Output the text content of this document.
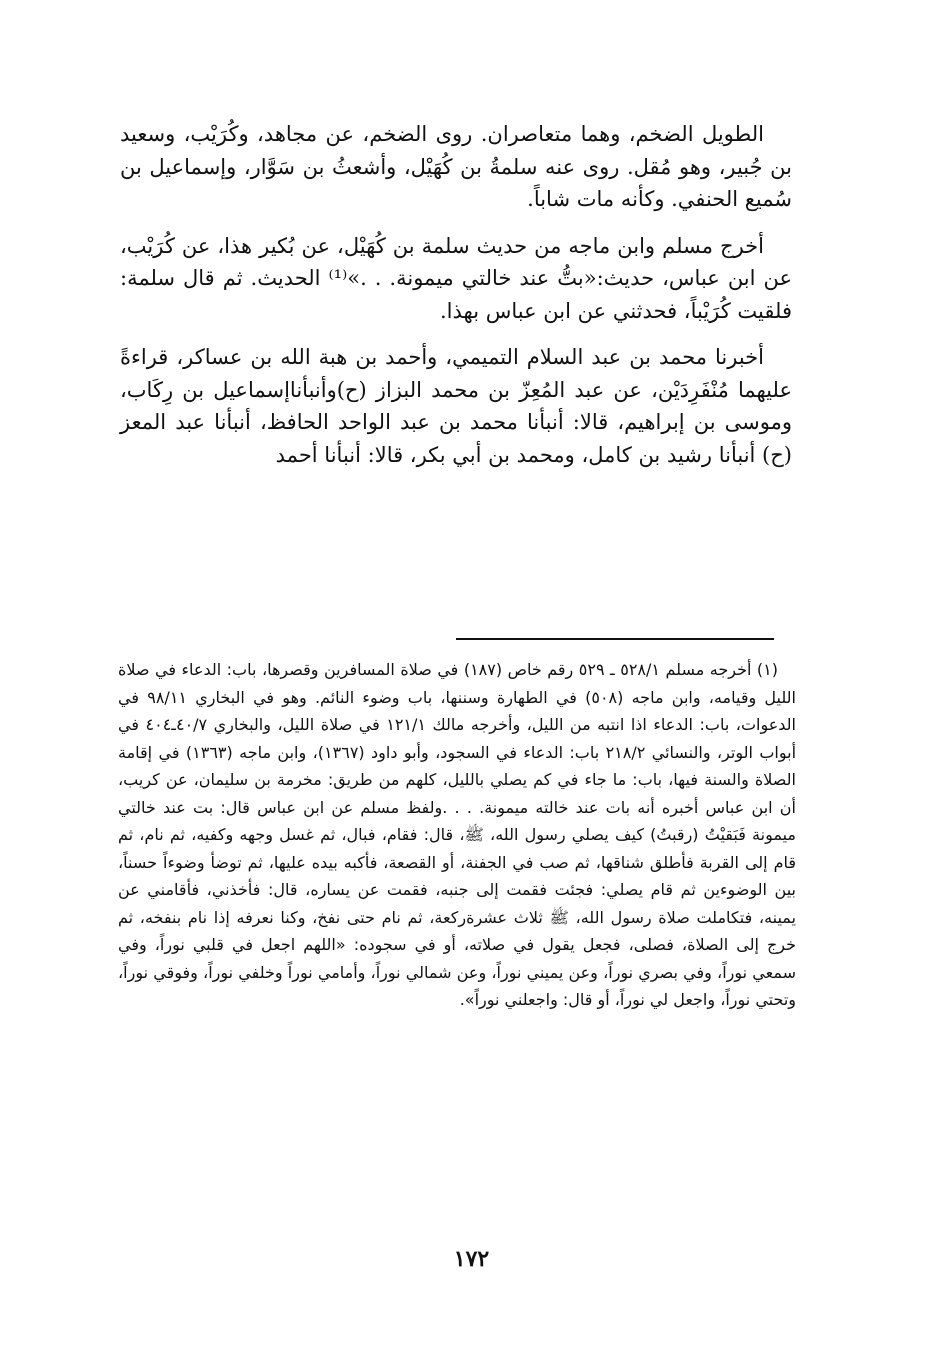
الطويل الضخم، وهما متعاصران. روى الضخم، عن مجاهد، وكُرَيْب، وسعيد بن جُبير، وهو مُقل. روى عنه سلمةُ بن كُهَيْل، وأشعثُ بن سَوَّار، وإسماعيل بن سُميع الحنفي. وكأنه مات شاباً.

أخرج مسلم وابن ماجه من حديث سلمة بن كُهَيْل، عن بُكير هذا، عن كُرَيْب، عن ابن عباس، حديث:«بتُّ عند خالتي ميمونة. . .»⁽¹⁾ الحديث. ثم قال سلمة: فلقيت كُرَيْباً، فحدثني عن ابن عباس بهذا.

أخبرنا محمد بن عبد السلام التميمي، وأحمد بن هبة الله بن عساكر، قراءةً عليهما مُنْفَرِدَيْن، عن عبد المُعِزّ بن محمد البزاز (ح)وأنبأناإسماعيل بن رِكَاب، وموسى بن إبراهيم، قالا: أنبأنا محمد بن عبد الواحد الحافظ، أنبأنا عبد المعز (ح) أنبأنا رشيد بن كامل، ومحمد بن أبي بكر، قالا: أنبأنا أحمد

(١) أخرجه مسلم ٥٢٨/١ ـ ٥٢٩ رقم خاص (١٨٧) في صلاة المسافرين وقصرها، باب: الدعاء في صلاة الليل وقيامه، وابن ماجه (٥٠٨) في الطهارة وسننها، باب وضوء النائم. وهو في البخاري ٩٨/١١ في الدعوات، باب: الدعاء اذا انتبه من الليل، وأخرجه مالك ١٢١/١ في صلاة الليل، والبخاري ٤٠/٧ـ٤٠٤ في أبواب الوتر، والنسائي ٢١٨/٢ باب: الدعاء في السجود، وأبو داود (١٣٦٧)، وابن ماجه (١٣٦٣) في إقامة الصلاة والسنة فيها، باب: ما جاء في كم يصلي بالليل، كلهم من طريق: مخرمة بن سليمان، عن كريب، أن ابن عباس أخبره أنه بات عند خالته ميمونة. . . .ولفظ مسلم عن ابن عباس قال: بت عند خالتي ميمونة فَبَقيْتُ (رقبتُ) كيف يصلي رسول الله، ﷺ، قال: فقام، فبال، ثم غسل وجهه وكفيه، ثم نام، ثم قام إلى القربة فأطلق شناقها، ثم صب في الجفنة، أو القصعة، فأكبه بيده عليها، ثم توضأ وضوءاً حسناً، بين الوضوءين ثم قام يصلي: فجئت فقمت إلى جنبه، فقمت عن يساره، قال: فأخذني، فأقامني عن يمينه، فتكاملت صلاة رسول الله، ﷺ ثلاث عشرةركعة، ثم نام حتى نفخ، وكنا نعرفه إذا نام بنفخه، ثم خرج إلى الصلاة، فصلى، فجعل يقول في صلاته، أو في سجوده: «اللهم اجعل في قلبي نوراً، وفي سمعي نوراً، وفي بصري نوراً، وعن يميني نوراً، وعن شمالي نوراً، وأمامي نوراً وخلفي نوراً، وفوقي نوراً، وتحتي نوراً، واجعل لي نوراً، أو قال: واجعلني نوراً».

١٧٢
